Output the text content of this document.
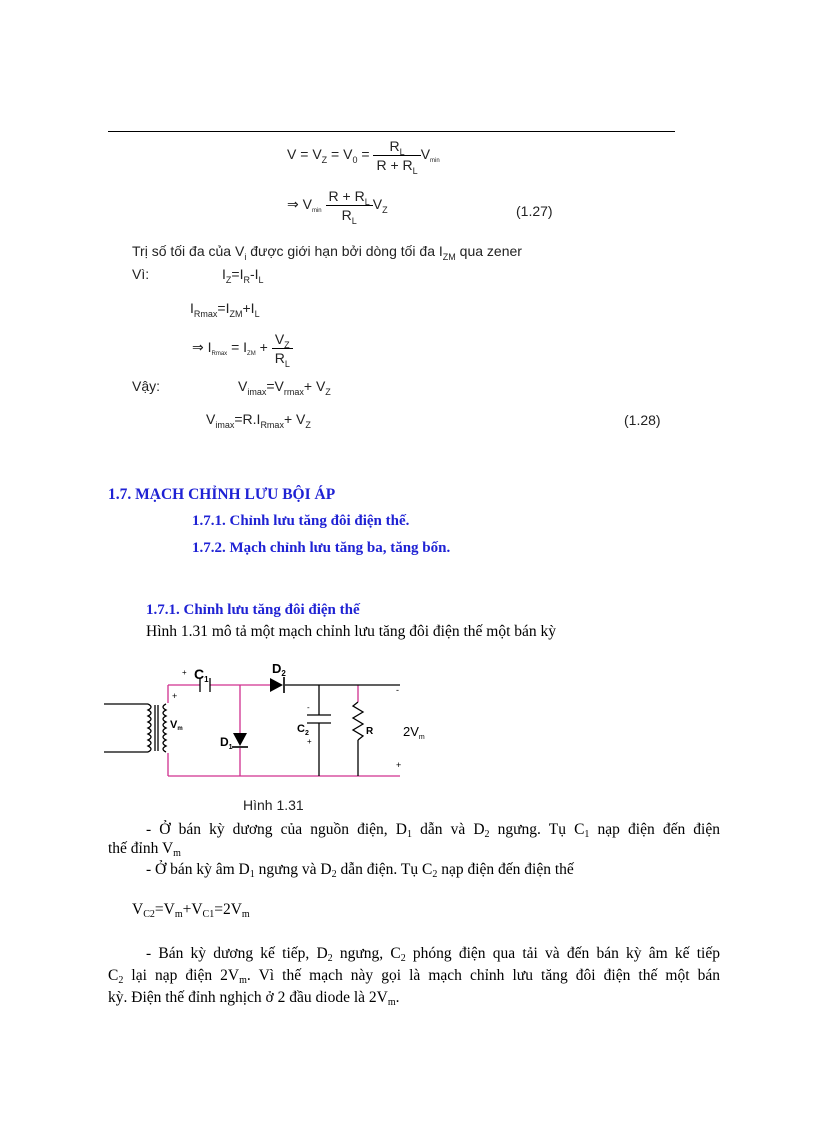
$V = V_Z = V_0 = \frac{R_L}{R + R_L} V_{min}$
⇒ $V_{min} \frac{R + R_L}{R_L} V_Z$	(1.27)
Trị số tối đa của $V_i$ được giới hạn bởi dòng tối đa $I_{ZM}$ qua zener
Vì:	$I_Z=I_R-I_L$
$I_{Rmax}=I_{ZM}+I_L$
⇒ $I_{Rmax} = I_{ZM} + \frac{V_Z}{R_L}$
Vậy:	$V_{imax}=V_{rmax}+ V_Z$
$V_{imax}=R.I_{Rmax}+ V_Z$	(1.28)
1.7. MẠCH CHỈNH LƯU BỘI ÁP
1.7.1. Chỉnh lưu tăng đôi điện thế.
1.7.2. Mạch chỉnh lưu tăng ba, tăng bốn.
1.7.1. Chỉnh lưu tăng đôi điện thế
Hình 1.31 mô tả một mạch chỉnh lưu tăng đôi điện thế một bán kỳ
+ $C_1$
$D_2$
$D_1$
$C_2$
-
+
R
Vm
+
-
+
$2V_m$
Hình 1.31
- Ở bán kỳ dương của nguồn điện, $D_1$ dẫn và $D_2$ ngưng. Tụ $C_1$ nạp điện đến điện
thế đỉnh $V_m$
- Ở bán kỳ âm $D_1$ ngưng và $D_2$ dẫn điện. Tụ $C_2$ nạp điện đến điện thế
$V_{C2}=V_m+V_{C1}=2V_m$
- Bán kỳ dương kế tiếp, $D_2$ ngưng, $C_2$ phóng điện qua tải và đến bán kỳ âm kế tiếp
$C_2$ lại nạp điện $2V_m$. Vì thế mạch này gọi là mạch chỉnh lưu tăng đôi điện thế một bán
kỳ. Điện thế đỉnh nghịch ở 2 đầu diode là $2V_m$.
